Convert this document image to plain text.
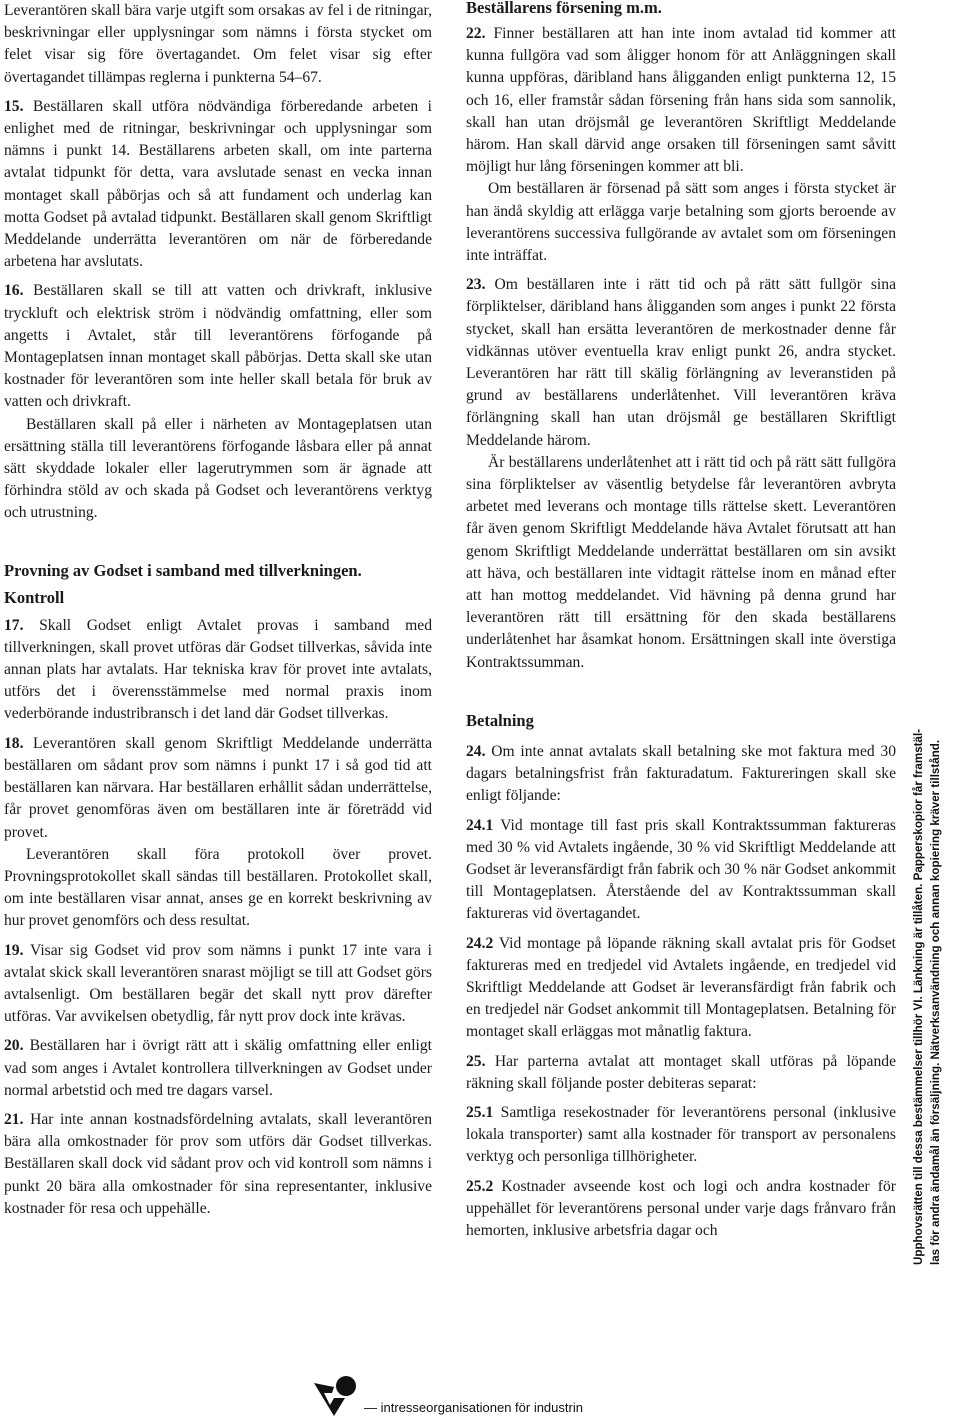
Leverantören skall bära varje utgift som orsakas av fel i de ritningar, beskrivningar eller upplysningar som nämns i första stycket om felet visar sig före övertagandet. Om felet visar sig efter övertagandet tillämpas reglerna i punkterna 54–67.

15. Beställaren skall utföra nödvändiga förberedande arbeten i enlighet med de ritningar, beskrivningar och upplysningar som nämns i punkt 14. Beställarens arbeten skall, om inte parterna avtalat tidpunkt för detta, vara avslutade senast en vecka innan montaget skall påbörjas och så att fundament och underlag kan motta Godset på avtalad tidpunkt. Beställaren skall genom Skriftligt Meddelande underrätta leverantören om när de förberedande arbetena har avslutats.

16. Beställaren skall se till att vatten och drivkraft, inklusive tryckluft och elektrisk ström i nödvändig omfattning, eller som angetts i Avtalet, står till leverantörens förfogande på Montageplatsen innan montaget skall påbörjas. Detta skall ske utan kostnader för leverantören som inte heller skall betala för bruk av vatten och drivkraft.

Beställaren skall på eller i närheten av Montageplatsen utan ersättning ställa till leverantörens förfogande låsbara eller på annat sätt skyddade lokaler eller lagerutrymmen som är ägnade att förhindra stöld av och skada på Godset och leverantörens verktyg och utrustning.

Provning av Godset i samband med tillverkningen.
Kontroll

17. Skall Godset enligt Avtalet provas i samband med tillverkningen, skall provet utföras där Godset tillverkas, såvida inte annan plats har avtalats. Har tekniska krav för provet inte avtalats, utförs det i överensstämmelse med normal praxis inom vederbörande industribransch i det land där Godset tillverkas.

18. Leverantören skall genom Skriftligt Meddelande underrätta beställaren om sådant prov som nämns i punkt 17 i så god tid att beställaren kan närvara. Har beställaren erhållit sådan underrättelse, får provet genomföras även om beställaren inte är företrädd vid provet.

Leverantören skall föra protokoll över provet. Provningsprotokollet skall sändas till beställaren. Protokollet skall, om inte beställaren visar annat, anses ge en korrekt beskrivning av hur provet genomförs och dess resultat.

19. Visar sig Godset vid prov som nämns i punkt 17 inte vara i avtalat skick skall leverantören snarast möjligt se till att Godset görs avtalsenligt. Om beställaren begär det skall nytt prov därefter utföras. Var avvikelsen obetydlig, får nytt prov dock inte krävas.

20. Beställaren har i övrigt rätt att i skälig omfattning eller enligt vad som anges i Avtalet kontrollera tillverkningen av Godset under normal arbetstid och med tre dagars varsel.

21. Har inte annan kostnadsfördelning avtalats, skall leverantören bära alla omkostnader för prov som utförs där Godset tillverkas. Beställaren skall dock vid sådant prov och vid kontroll som nämns i punkt 20 bära alla omkostnader för sina representanter, inklusive kostnader för resa och uppehälle.

Beställarens försening m.m.

22. Finner beställaren att han inte inom avtalad tid kommer att kunna fullgöra vad som åligger honom för att Anläggningen skall kunna uppföras, däribland hans åligganden enligt punkterna 12, 15 och 16, eller framstår sådan försening från hans sida som sannolik, skall han utan dröjsmål ge leverantören Skriftligt Meddelande härom. Han skall därvid ange orsaken till förseningen samt såvitt möjligt hur lång förseningen kommer att bli.

Om beställaren är försenad på sätt som anges i första stycket är han ändå skyldig att erlägga varje betalning som gjorts beroende av leverantörens successiva fullgörande av avtalet som om förseningen inte inträffat.

23. Om beställaren inte i rätt tid och på rätt sätt fullgör sina förpliktelser, däribland hans åligganden som anges i punkt 22 första stycket, skall han ersätta leverantören de merkostnader denne får vidkännas utöver eventuella krav enligt punkt 26, andra stycket. Leverantören har rätt till skälig förlängning av leveranstiden på grund av beställarens underlåtenhet. Vill leverantören kräva förlängning skall han utan dröjsmål ge beställaren Skriftligt Meddelande härom.

Är beställarens underlåtenhet att i rätt tid och på rätt sätt fullgöra sina förpliktelser av väsentlig betydelse får leverantören avbryta arbetet med leverans och montage tills rättelse skett. Leverantören får även genom Skriftligt Meddelande häva Avtalet förutsatt att han genom Skriftligt Meddelande underrättat beställaren om sin avsikt att häva, och beställaren inte vidtagit rättelse inom en månad efter att han mottog meddelandet. Vid hävning på denna grund har leverantören rätt till ersättning för den skada beställarens underlåtenhet har åsamkat honom. Ersättningen skall inte överstiga Kontraktssumman.

Betalning

24. Om inte annat avtalats skall betalning ske mot faktura med 30 dagars betalningsfrist från fakturadatum. Faktureringen skall ske enligt följande:

24.1 Vid montage till fast pris skall Kontraktssumman faktureras med 30 % vid Avtalets ingående, 30 % vid Skriftligt Meddelande att Godset är leveransfärdigt från fabrik och 30 % när Godset ankommit till Montageplatsen. Återstående del av Kontraktssumman skall faktureras vid övertagandet.

24.2 Vid montage på löpande räkning skall avtalat pris för Godset faktureras med en tredjedel vid Avtalets ingående, en tredjedel vid Skriftligt Meddelande att Godset är leveransfärdigt från fabrik och en tredjedel när Godset ankommit till Montageplatsen. Betalning för montaget skall erläggas mot månatlig faktura.

25. Har parterna avtalat att montaget skall utföras på löpande räkning skall följande poster debiteras separat:

25.1 Samtliga resekostnader för leverantörens personal (inklusive lokala transporter) samt alla kostnader för transport av personalens verktyg och personliga tillhörigheter.

25.2 Kostnader avseende kost och logi och andra kostnader för uppehället för leverantörens personal under varje dags frånvaro från hemorten, inklusive arbetsfria dagar och	Upphovsrätten till dessa bestämmelser tillhör VI. Länkning är tillåten. Papperskopior får framstäl- las för andra ändamål än försäljning. Nätverksanvändning och annan kopiering kräver tillstånd.
— intresseorganisationen för industrin
